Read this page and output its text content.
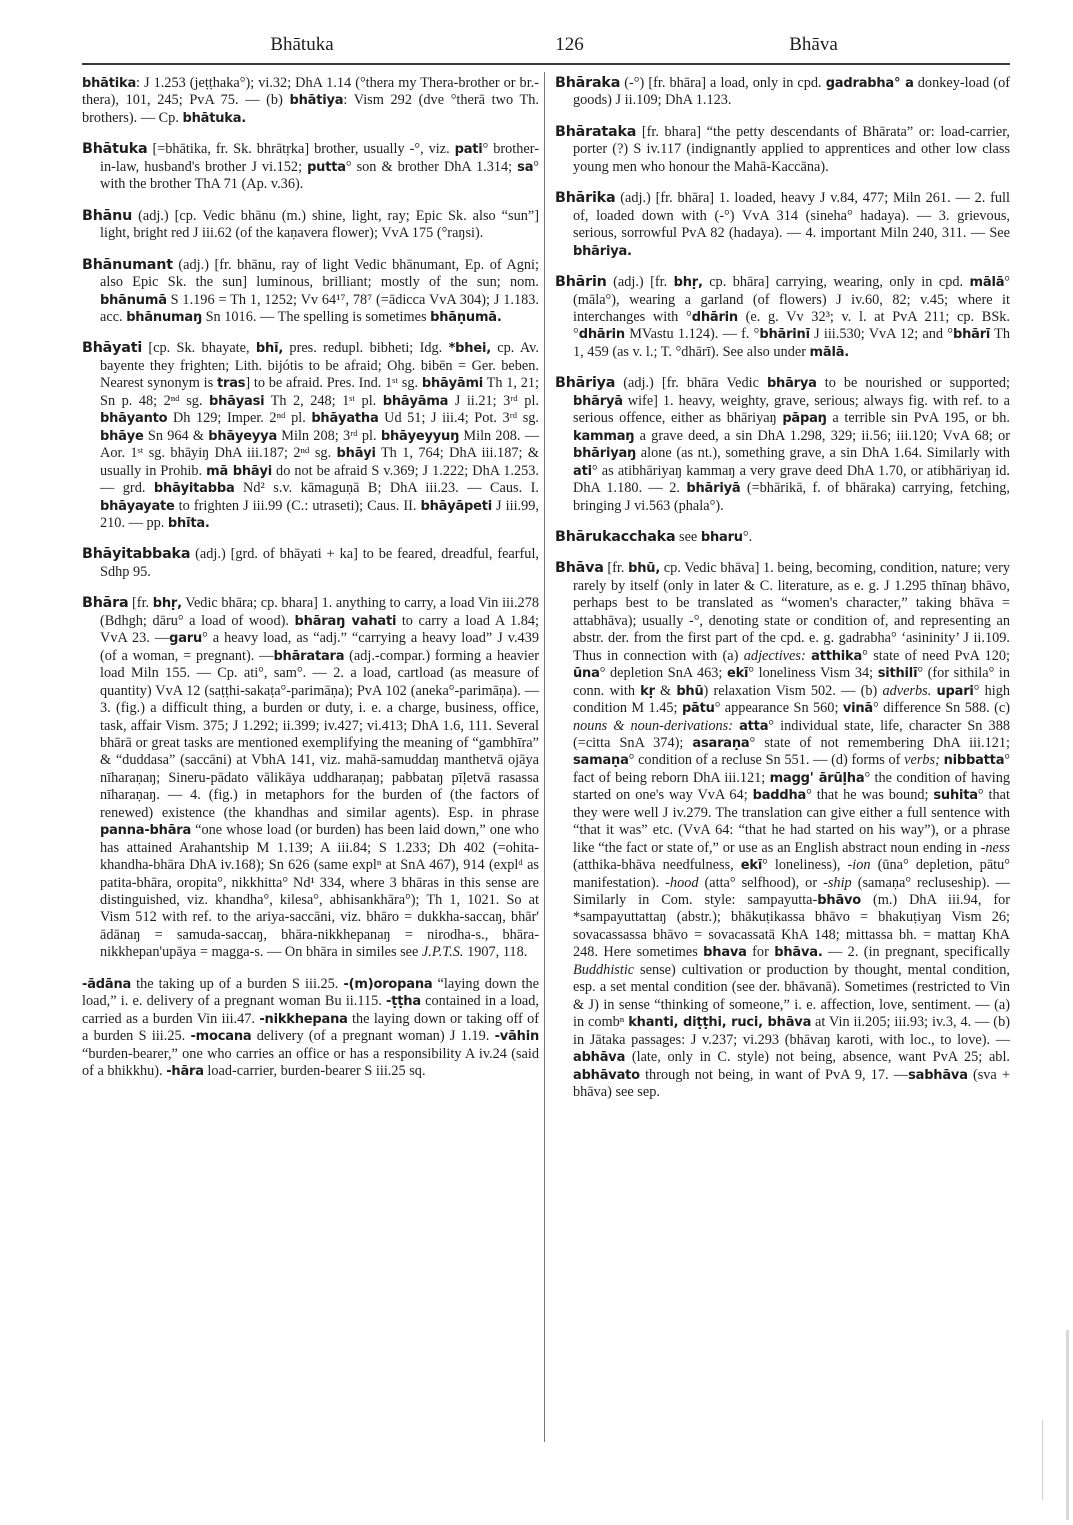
Bhātuka	126	Bhāva

bhātika: J 1.253 (jeṭṭhaka°); vi.32; DhA 1.14 (°thera my Thera-brother or br.-thera), 101, 245; PvA 75. — (b) bhātiya: Vism 292 (dve °therā two Th. brothers). — Cp. bhātuka.

Bhātuka [=bhātika, fr. Sk. bhrātṛka] brother, usually -°, viz. pati° brother-in-law, husband's brother J vi.152; putta° son & brother DhA 1.314; sa° with the brother ThA 71 (Ap. v.36).

Bhānu (adj.) [cp. Vedic bhānu (m.) shine, light, ray; Epic Sk. also “sun”] light, bright red J iii.62 (of the kaṇavera flower); VvA 175 (°raŋsi).

Bhānumant (adj.) [fr. bhānu, ray of light Vedic bhānumant, Ep. of Agni; also Epic Sk. the sun] luminous, brilliant; mostly of the sun; nom. bhānumā S 1.196 = Th 1, 1252; Vv 64¹⁷, 78⁷ (=ādicca VvA 304); J 1.183. acc. bhānumaŋ Sn 1016. — The spelling is sometimes bhāṇumā.

Bhāyati [cp. Sk. bhayate, bhī, pres. redupl. bibheti; Idg. *bhei, cp. Av. bayente they frighten; Lith. bijótis to be afraid; Ohg. bibēn = Ger. beben. Nearest synonym is tras] to be afraid. Pres. Ind. 1ˢᵗ sg. bhāyāmi Th 1, 21; Sn p. 48; 2ⁿᵈ sg. bhāyasi Th 2, 248; 1ˢᵗ pl. bhāyāma J ii.21; 3ʳᵈ pl. bhāyanto Dh 129; Imper. 2ⁿᵈ pl. bhāyatha Ud 51; J iii.4; Pot. 3ʳᵈ sg. bhāye Sn 964 & bhāyeyya Miln 208; 3ʳᵈ pl. bhāyeyyuŋ Miln 208. — Aor. 1ˢᵗ sg. bhāyiŋ DhA iii.187; 2ⁿᵈ sg. bhāyi Th 1, 764; DhA iii.187; & usually in Prohib. mā bhāyi do not be afraid S v.369; J 1.222; DhA 1.253. — grd. bhāyitabba Nd² s.v. kāmaguṇā B; DhA iii.23. — Caus. I. bhāyayate to frighten J iii.99 (C.: utraseti); Caus. II. bhāyāpeti J iii.99, 210. — pp. bhīta.

Bhāyitabbaka (adj.) [grd. of bhāyati + ka] to be feared, dreadful, fearful, Sdhp 95.

Bhāra [fr. bhṛ, Vedic bhāra; cp. bhara] 1. anything to carry, a load Vin iii.278 (Bdhgh; dāru° a load of wood). bhāraŋ vahati to carry a load A 1.84; VvA 23. —garu° a heavy load, as “adj.” “carrying a heavy load” J v.439 (of a woman, = pregnant). —bhāratara (adj.-compar.) forming a heavier load Miln 155. — Cp. ati°, sam°. — 2. a load, cartload (as measure of quantity) VvA 12 (saṭṭhi-sakaṭa°-parimāṇa); PvA 102 (aneka°-parimāṇa). — 3. (fig.) a difficult thing, a burden or duty, i. e. a charge, business, office, task, affair Vism. 375; J 1.292; ii.399; iv.427; vi.413; DhA 1.6, 111. Several bhārā or great tasks are mentioned exemplifying the meaning of “gambhīra” & “duddasa” (saccāni) at VbhA 141, viz. mahā-samuddaŋ manthetvā ojāya nīharaṇaŋ; Sineru-pādato vālikāya uddharaṇaŋ; pabbataŋ pīḷetvā rasassa nīharaṇaŋ. — 4. (fig.) in metaphors for the burden of (the factors of renewed) existence (the khandhas and similar agents). Esp. in phrase panna-bhāra “one whose load (or burden) has been laid down,” one who has attained Arahantship M 1.139; A iii.84; S 1.233; Dh 402 (=ohita-khandha-bhāra DhA iv.168); Sn 626 (same explⁿ at SnA 467), 914 (explᵈ as patita-bhāra, oropita°, nikkhitta° Nd¹ 334, where 3 bhāras in this sense are distinguished, viz. khandha°, kilesa°, abhisankhāra°); Th 1, 1021. So at Vism 512 with ref. to the ariya-saccāni, viz. bhāro = dukkha-saccaŋ, bhār' ādānaŋ = samuda-saccaŋ, bhāra-nikkhepanaŋ = nirodha-s., bhāra-nikkhepan'upāya = magga-s. — On bhāra in similes see J.P.T.S. 1907, 118.

-ādāna the taking up of a burden S iii.25. -(m)oropana “laying down the load,” i. e. delivery of a pregnant woman Bu ii.115. -ṭṭha contained in a load, carried as a burden Vin iii.47. -nikkhepana the laying down or taking off of a burden S iii.25. -mocana delivery (of a pregnant woman) J 1.19. -vāhin “burden-bearer,” one who carries an office or has a responsibility A iv.24 (said of a bhikkhu). -hāra load-carrier, burden-bearer S iii.25 sq.

Bhāraka (-°) [fr. bhāra] a load, only in cpd. gadrabha° a donkey-load (of goods) J ii.109; DhA 1.123.

Bhārataka [fr. bhara] “the petty descendants of Bhārata” or: load-carrier, porter (?) S iv.117 (indignantly applied to apprentices and other low class young men who honour the Mahā-Kaccāna).

Bhārika (adj.) [fr. bhāra] 1. loaded, heavy J v.84, 477; Miln 261. — 2. full of, loaded down with (-°) VvA 314 (sineha° hadaya). — 3. grievous, serious, sorrowful PvA 82 (hadaya). — 4. important Miln 240, 311. — See bhāriya.

Bhārin (adj.) [fr. bhṛ, cp. bhāra] carrying, wearing, only in cpd. mālā° (māla°), wearing a garland (of flowers) J iv.60, 82; v.45; where it interchanges with °dhārin (e. g. Vv 32³; v. l. at PvA 211; cp. BSk. °dhārin MVastu 1.124). — f. °bhārinī J iii.530; VvA 12; and °bhārī Th 1, 459 (as v. l.; T. °dhārī). See also under mālā.

Bhāriya (adj.) [fr. bhāra Vedic bhārya to be nourished or supported; bhāryā wife] 1. heavy, weighty, grave, serious; always fig. with ref. to a serious offence, either as bhāriyaŋ pāpaŋ a terrible sin PvA 195, or bh. kammaŋ a grave deed, a sin DhA 1.298, 329; ii.56; iii.120; VvA 68; or bhāriyaŋ alone (as nt.), something grave, a sin DhA 1.64. Similarly with ati° as atibhāriyaŋ kammaŋ a very grave deed DhA 1.70, or atibhāriyaŋ id. DhA 1.180. — 2. bhāriyā (=bhārikā, f. of bhāraka) carrying, fetching, bringing J vi.563 (phala°).

Bhārukacchaka see bharu°.

Bhāva [fr. bhū, cp. Vedic bhāva] 1. being, becoming, condition, nature; very rarely by itself (only in later & C. literature, as e. g. J 1.295 thīnaŋ bhāvo, perhaps best to be translated as “women's character,” taking bhāva = attabhāva); usually -°, denoting state or condition of, and representing an abstr. der. from the first part of the cpd. e. g. gadrabha° ‘asininity’ J ii.109. Thus in connection with (a) adjectives: atthika° state of need PvA 120; ūna° depletion SnA 463; ekī° loneliness Vism 34; sithilī° (for sithila° in conn. with kṛ & bhū) relaxation Vism 502. — (b) adverbs. upari° high condition M 1.45; pātu° appearance Sn 560; vinā° difference Sn 588. (c) nouns & noun-derivations: atta° individual state, life, character Sn 388 (=citta SnA 374); asaraṇa° state of not remembering DhA iii.121; samaṇa° condition of a recluse Sn 551. — (d) forms of verbs; nibbatta° fact of being reborn DhA iii.121; magg' ārūḷha° the condition of having started on one's way VvA 64; baddha° that he was bound; suhita° that they were well J iv.279. The translation can give either a full sentence with “that it was” etc. (VvA 64: “that he had started on his way”), or a phrase like “the fact or state of,” or use as an English abstract noun ending in -ness (atthika-bhāva needfulness, ekī° loneliness), -ion (ūna° depletion, pātu° manifestation). -hood (atta° selfhood), or -ship (samaṇa° recluseship). — Similarly in Com. style: sampayutta-bhāvo (m.) DhA iii.94, for *sampayuttattaŋ (abstr.); bhākuṭikassa bhāvo = bhakuṭiyaŋ Vism 26; sovacassassa bhāvo = sovacassatā KhA 148; mittassa bh. = mattaŋ KhA 248. Here sometimes bhava for bhāva. — 2. (in pregnant, specifically Buddhistic sense) cultivation or production by thought, mental condition, esp. a set mental condition (see der. bhāvanā). Sometimes (restricted to Vin & J) in sense “thinking of someone,” i. e. affection, love, sentiment. — (a) in combⁿ khanti, diṭṭhi, ruci, bhāva at Vin ii.205; iii.93; iv.3, 4. — (b) in Jātaka passages: J v.237; vi.293 (bhāvaŋ karoti, with loc., to love). —abhāva (late, only in C. style) not being, absence, want PvA 25; abl. abhāvato through not being, in want of PvA 9, 17. —sabhāva (sva + bhāva) see sep.
